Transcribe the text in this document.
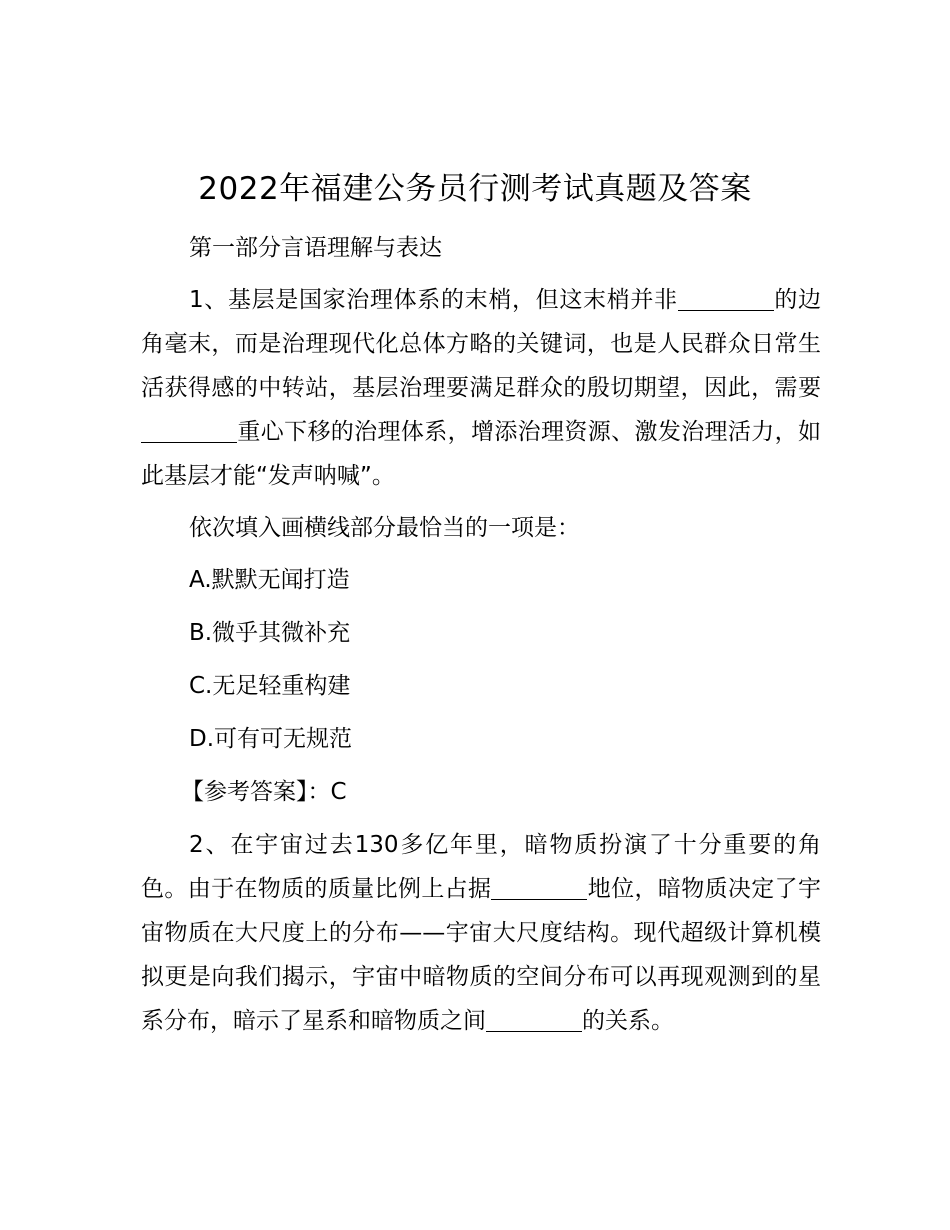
2022年福建公务员行测考试真题及答案

第一部分言语理解与表达

1、基层是国家治理体系的末梢，但这末梢并非	的边角毫末，而是治理现代化总体方略的关键词，也是人民群众日常生活获得感的中转站，基层治理要满足群众的殷切期望，因此，需要重心下移的治理体系，增添治理资源、激发治理活力，如此基层才能“发声呐喊”。

依次填入画横线部分最恰当的一项是：

A.默默无闻打造

B.微乎其微补充

C.无足轻重构建

D.可有可无规范

【参考答案】：C

2、在宇宙过去130多亿年里，暗物质扮演了十分重要的角色。由于在物质的质量比例上占据	地位，暗物质决定了宇宙物质在大尺度上的分布——宇宙大尺度结构。现代超级计算机模拟更是向我们揭示，宇宙中暗物质的空间分布可以再现观测到的星系分布，暗示了星系和暗物质之间	的关系。
